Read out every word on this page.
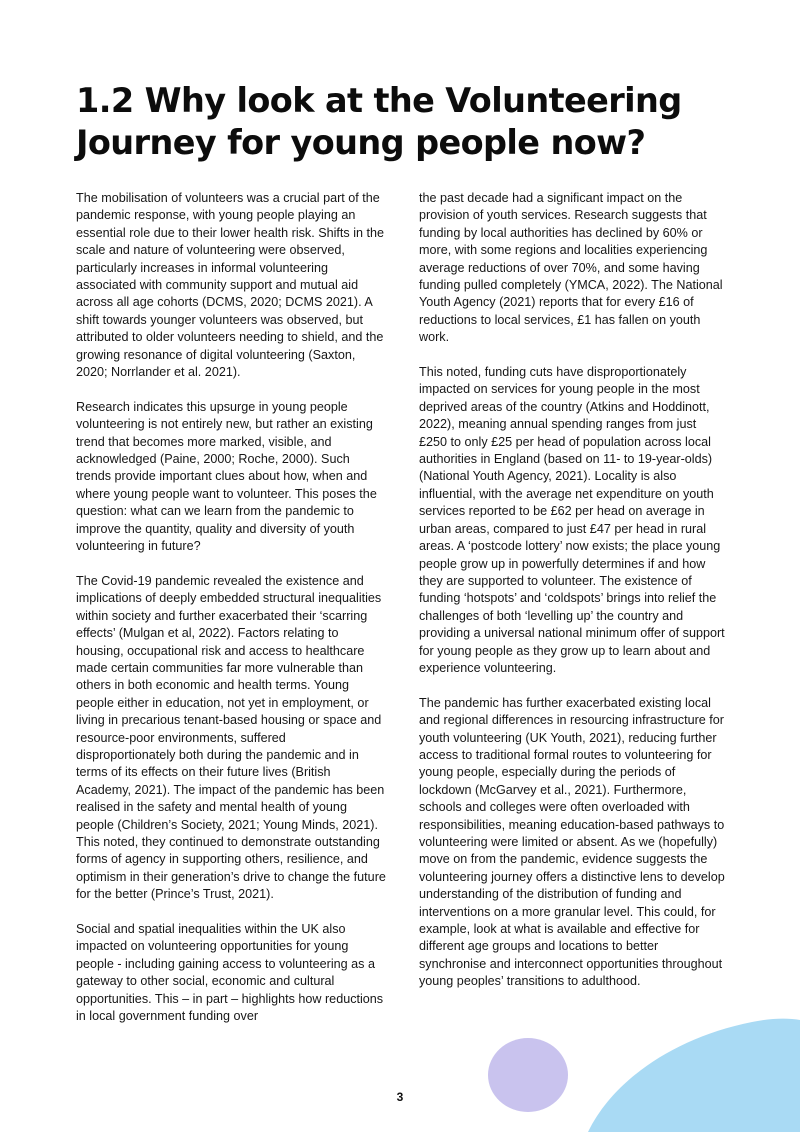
1.2 Why look at the Volunteering Journey for young people now?

The mobilisation of volunteers was a crucial part of the pandemic response, with young people playing an essential role due to their lower health risk. Shifts in the scale and nature of volunteering were observed, particularly increases in informal volunteering associated with community support and mutual aid across all age cohorts (DCMS, 2020; DCMS 2021). A shift towards younger volunteers was observed, but attributed to older volunteers needing to shield, and the growing resonance of digital volunteering (Saxton, 2020; Norrlander et al. 2021).

Research indicates this upsurge in young people volunteering is not entirely new, but rather an existing trend that becomes more marked, visible, and acknowledged (Paine, 2000; Roche, 2000). Such trends provide important clues about how, when and where young people want to volunteer. This poses the question: what can we learn from the pandemic to improve the quantity, quality and diversity of youth volunteering in future?

The Covid-19 pandemic revealed the existence and implications of deeply embedded structural inequalities within society and further exacerbated their ‘scarring effects’ (Mulgan et al, 2022). Factors relating to housing, occupational risk and access to healthcare made certain communities far more vulnerable than others in both economic and health terms. Young people either in education, not yet in employment, or living in precarious tenant-based housing or space and resource-poor environments, suffered disproportionately both during the pandemic and in terms of its effects on their future lives (British Academy, 2021). The impact of the pandemic has been realised in the safety and mental health of young people (Children’s Society, 2021; Young Minds, 2021). This noted, they continued to demonstrate outstanding forms of agency in supporting others, resilience, and optimism in their generation’s drive to change the future for the better (Prince’s Trust, 2021).

Social and spatial inequalities within the UK also impacted on volunteering opportunities for young people - including gaining access to volunteering as a gateway to other social, economic and cultural opportunities. This – in part – highlights how reductions in local government funding over

the past decade had a significant impact on the provision of youth services. Research suggests that funding by local authorities has declined by 60% or more, with some regions and localities experiencing average reductions of over 70%, and some having funding pulled completely (YMCA, 2022). The National Youth Agency (2021) reports that for every £16 of reductions to local services, £1 has fallen on youth work.

This noted, funding cuts have disproportionately impacted on services for young people in the most deprived areas of the country (Atkins and Hoddinott, 2022), meaning annual spending ranges from just £250 to only £25 per head of population across local authorities in England (based on 11- to 19-year-olds) (National Youth Agency, 2021). Locality is also influential, with the average net expenditure on youth services reported to be £62 per head on average in urban areas, compared to just £47 per head in rural areas. A ‘postcode lottery’ now exists; the place young people grow up in powerfully determines if and how they are supported to volunteer. The existence of funding ‘hotspots’ and ‘coldspots’ brings into relief the challenges of both ‘levelling up’ the country and providing a universal national minimum offer of support for young people as they grow up to learn about and experience volunteering.

The pandemic has further exacerbated existing local and regional differences in resourcing infrastructure for youth volunteering (UK Youth, 2021), reducing further access to traditional formal routes to volunteering for young people, especially during the periods of lockdown (McGarvey et al., 2021). Furthermore, schools and colleges were often overloaded with responsibilities, meaning education-based pathways to volunteering were limited or absent. As we (hopefully) move on from the pandemic, evidence suggests the volunteering journey offers a distinctive lens to develop understanding of the distribution of funding and interventions on a more granular level. This could, for example, look at what is available and effective for different age groups and locations to better synchronise and interconnect opportunities throughout young peoples’ transitions to adulthood.

3
